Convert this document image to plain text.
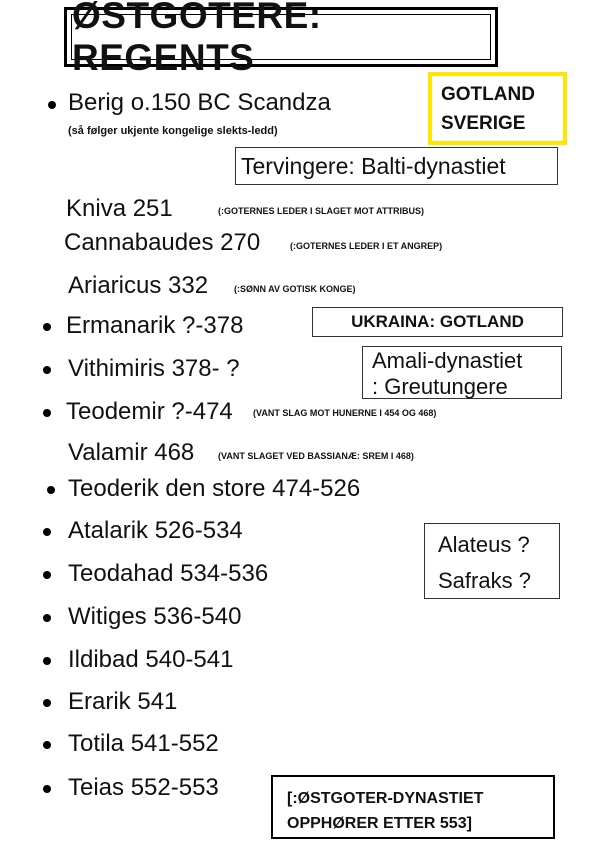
ØSTGOTERE: REGENTS
GOTLAND
SVERIGE
Berig o.150 BC Scandza
(så følger ukjente kongelige slekts-ledd)
Tervingere: Balti-dynastiet
Kniva 251	(:GOTERNES LEDER I SLAGET MOT ATTRIBUS)
Cannabaudes 270	(:GOTERNES LEDER I ET ANGREP)
Ariaricus 332	(:SØNN AV GOTISK KONGE)
Ermanarik ?-378	UKRAINA: GOTLAND
Vithimiris 378- ?	Amali-dynastiet
: Greutungere
Teodemir ?-474 (VANT SLAG MOT HUNERNE I 454 OG 468)
Valamir 468	(VANT SLAGET VED BASSIANÆ: SREM I 468)
Teoderik den store 474-526
Atalarik 526-534
Alateus ?
Safraks ?
Teodahad 534-536
Witiges 536-540
Ildibad 540-541
Erarik 541
Totila 541-552
Teias 552-553	[:ØSTGOTER-DYNASTIET
OPPHØRER ETTER 553]
